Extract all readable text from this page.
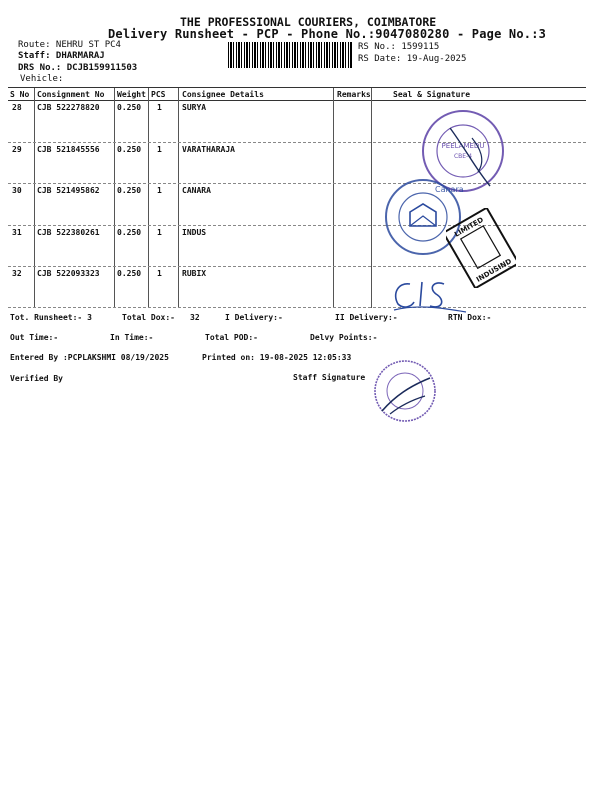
THE PROFESSIONAL COURIERS, COIMBATORE
Delivery Runsheet - PCP - Phone No.:9047080280 - Page No.:3
Route: NEHRU ST PC4
Staff: DHARMARAJ
DRS No.: DCJB159911503
Vehicle:
RS No.: 1599115
RS Date: 19-Aug-2025
S No Consignment No Weight PCS Consignee Details	Remarks	Seal & Signature
28 CJB 522278820 0.250 1	SURYA
29 CJB 521845556 0.250 1	VARATHARAJA
30 CJB 521495862 0.250 1	CANARA
31 CJB 522380261 0.250 1	INDUS
32 CJB 522093323 0.250 1	RUBIX
Tot. Runsheet:- 3	Total Dox:- 32	I Delivery:-	II Delivery:-	RTN Dox:-
Out Time:-	In Time:-	Total POD:-	Delvy Points:-
Entered By :PCPLAKSHMI 08/19/2025	Printed on: 19-08-2025 12:05:33
Verified By	Staff Signature
PEELAMEDU
CBE-4
Canara
LIMITED
INDUSIND
